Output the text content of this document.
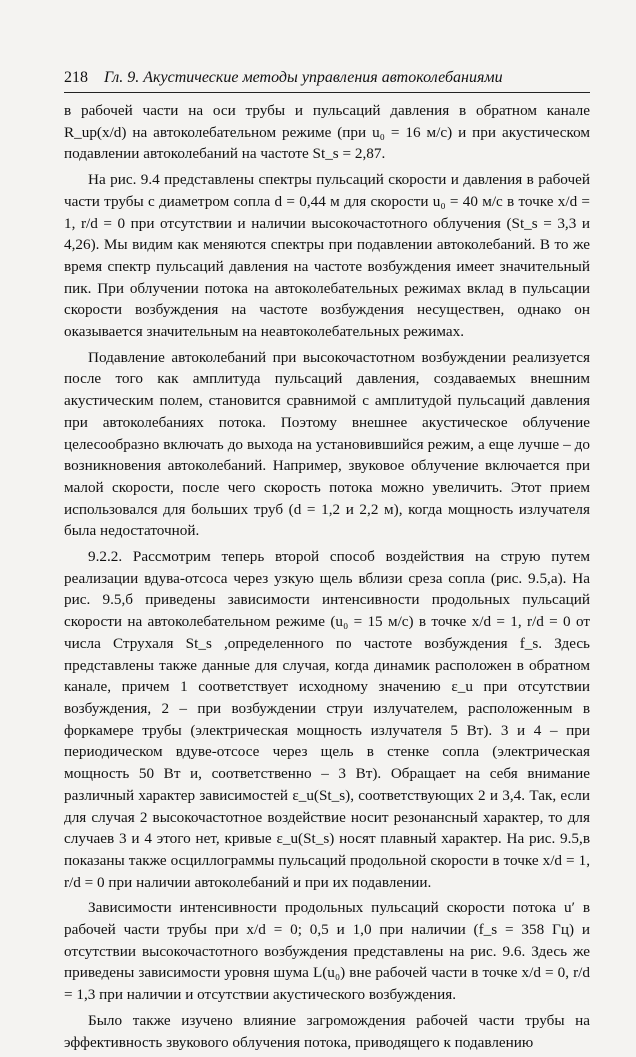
218 Гл. 9. Акустические методы управления автоколебаниями

в рабочей части на оси трубы и пульсаций давления в обратном канале R_up(x/d) на автоколебательном режиме (при u₀ = 16 м/с) и при акустическом подавлении автоколебаний на частоте St_s = 2,87.

На рис. 9.4 представлены спектры пульсаций скорости и давления в рабочей части трубы с диаметром сопла d = 0,44 м для скорости u₀ = 40 м/с в точке x/d = 1, r/d = 0 при отсутствии и наличии высокочастотного облучения (St_s = 3,3 и 4,26). Мы видим как меняются спектры при подавлении автоколебаний. В то же время спектр пульсаций давления на частоте возбуждения имеет значительный пик. При облучении потока на автоколебательных режимах вклад в пульсации скорости возбуждения на частоте возбуждения несуществен, однако он оказывается значительным на неавтоколебательных режимах.

Подавление автоколебаний при высокочастотном возбуждении реализуется после того как амплитуда пульсаций давления, создаваемых внешним акустическим полем, становится сравнимой с амплитудой пульсаций давления при автоколебаниях потока. Поэтому внешнее акустическое облучение целесообразно включать до выхода на установившийся режим, а еще лучше – до возникновения автоколебаний. Например, звуковое облучение включается при малой скорости, после чего скорость потока можно увеличить. Этот прием использовался для больших труб (d = 1,2 и 2,2 м), когда мощность излучателя была недостаточной.

9.2.2. Рассмотрим теперь второй способ воздействия на струю путем реализации вдува-отсоса через узкую щель вблизи среза сопла (рис. 9.5,а). На рис. 9.5,б приведены зависимости интенсивности продольных пульсаций скорости на автоколебательном режиме (u₀ = 15 м/с) в точке x/d = 1, r/d = 0 от числа Струхаля St_s ,определенного по частоте возбуждения f_s. Здесь представлены также данные для случая, когда динамик расположен в обратном канале, причем 1 соответствует исходному значению ε_u при отсутствии возбуждения, 2 – при возбуждении струи излучателем, расположенным в форкамере трубы (электрическая мощность излучателя 5 Вт). 3 и 4 – при периодическом вдуве-отсосе через щель в стенке сопла (электрическая мощность 50 Вт и, соответственно – 3 Вт). Обращает на себя внимание различный характер зависимостей ε_u(St_s), соответствующих 2 и 3,4. Так, если для случая 2 высокочастотное воздействие носит резонансный характер, то для случаев 3 и 4 этого нет, кривые ε_u(St_s) носят плавный характер. На рис. 9.5,в показаны также осциллограммы пульсаций продольной скорости в точке x/d = 1, r/d = 0 при наличии автоколебаний и при их подавлении.

Зависимости интенсивности продольных пульсаций скорости потока u′ в рабочей части трубы при x/d = 0; 0,5 и 1,0 при наличии (f_s = 358 Гц) и отсутствии высокочастотного возбуждения представлены на рис. 9.6. Здесь же приведены зависимости уровня шума L(u₀) вне рабочей части в точке x/d = 0, r/d = 1,3 при наличии и отсутствии акустического возбуждения.

Было также изучено влияние загромождения рабочей части трубы на эффективность звукового облучения потока, приводящего к подавлению
